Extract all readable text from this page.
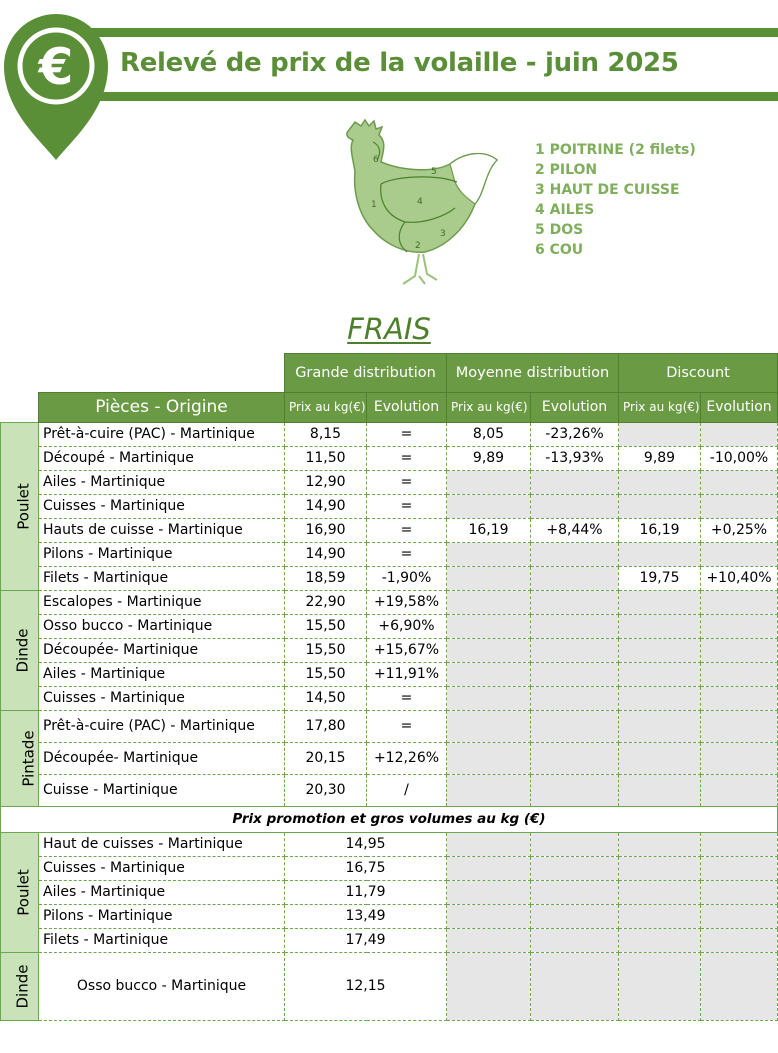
€ Relevé de prix de la volaille - juin 2025
1
2
3
4
5
6
1 POITRINE (2 filets)
2 PILON
3 HAUT DE CUISSE
4 AILES
5 DOS
6 COU
FRAIS
		Grande distribution		Moyenne distribution		Discount	
	Pièces - Origine	Prix au kg(€)	Evolution	Prix au kg(€)	Evolution	Prix au kg(€)	Evolution
Poulet	Prêt-à-cuire (PAC) - Martinique	8,15	=	8,05	-23,26%		
	Découpé - Martinique	11,50	=	9,89	-13,93%	9,89	-10,00%
	Ailes - Martinique	12,90	=				
	Cuisses - Martinique	14,90	=				
	Hauts de cuisse - Martinique	16,90	=	16,19	+8,44%	16,19	+0,25%
	Pilons - Martinique	14,90	=				
	Filets - Martinique	18,59	-1,90%			19,75	+10,40%
Dinde	Escalopes - Martinique	22,90	+19,58%				
	Osso bucco - Martinique	15,50	+6,90%				
	Découpée- Martinique	15,50	+15,67%				
	Ailes - Martinique	15,50	+11,91%				
	Cuisses - Martinique	14,50	=				
Pintade	Prêt-à-cuire (PAC) - Martinique	17,80	=				
	Découpée- Martinique	20,15	+12,26%				
	Cuisse - Martinique	20,30	/				
Prix promotion et gros volumes au kg (€)							
Poulet	Haut de cuisses - Martinique	14,95					
	Cuisses - Martinique	16,75					
	Ailes - Martinique	11,79					
	Pilons - Martinique	13,49					
	Filets - Martinique	17,49					
Dinde	Osso bucco - Martinique	12,15					
